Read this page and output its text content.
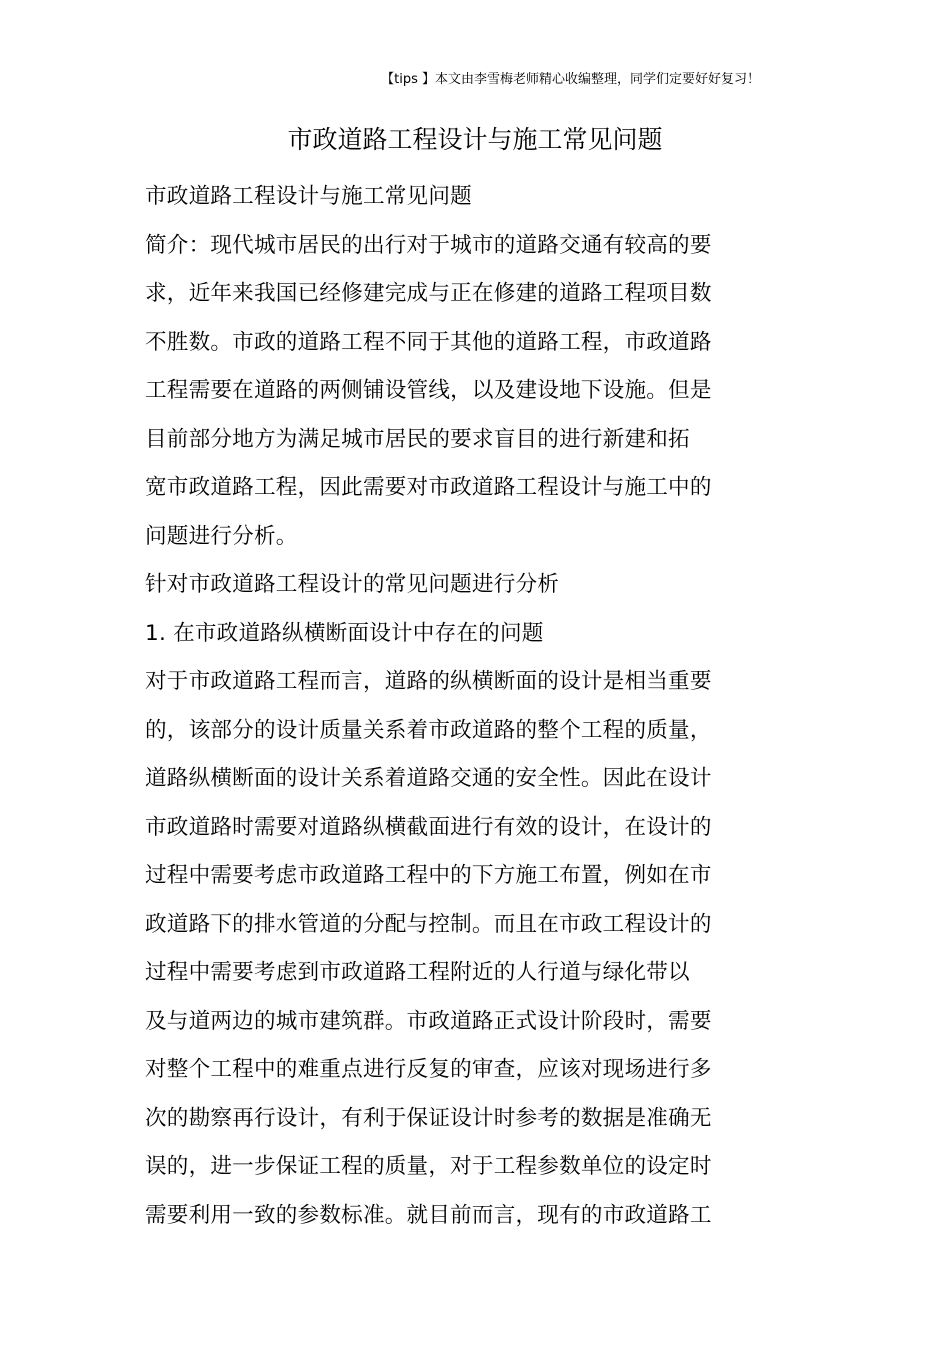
【tips 】本文由李雪梅老师精心收编整理，同学们定要好好复习！
市政道路工程设计与施工常见问题
市政道路工程设计与施工常见问题
简介：现代城市居民的出行对于城市的道路交通有较高的要
求，近年来我国已经修建完成与正在修建的道路工程项目数
不胜数。市政的道路工程不同于其他的道路工程，市政道路
工程需要在道路的两侧铺设管线，以及建设地下设施。但是
目前部分地方为满足城市居民的要求盲目的进行新建和拓
宽市政道路工程，因此需要对市政道路工程设计与施工中的
问题进行分析。
针对市政道路工程设计的常见问题进行分析
1. 在市政道路纵横断面设计中存在的问题
对于市政道路工程而言，道路的纵横断面的设计是相当重要
的，该部分的设计质量关系着市政道路的整个工程的质量，
道路纵横断面的设计关系着道路交通的安全性。因此在设计
市政道路时需要对道路纵横截面进行有效的设计，在设计的
过程中需要考虑市政道路工程中的下方施工布置，例如在市
政道路下的排水管道的分配与控制。而且在市政工程设计的
过程中需要考虑到市政道路工程附近的人行道与绿化带以
及与道两边的城市建筑群。市政道路正式设计阶段时，需要
对整个工程中的难重点进行反复的审查，应该对现场进行多
次的勘察再行设计，有利于保证设计时参考的数据是准确无
误的，进一步保证工程的质量，对于工程参数单位的设定时
需要利用一致的参数标准。就目前而言，现有的市政道路工
